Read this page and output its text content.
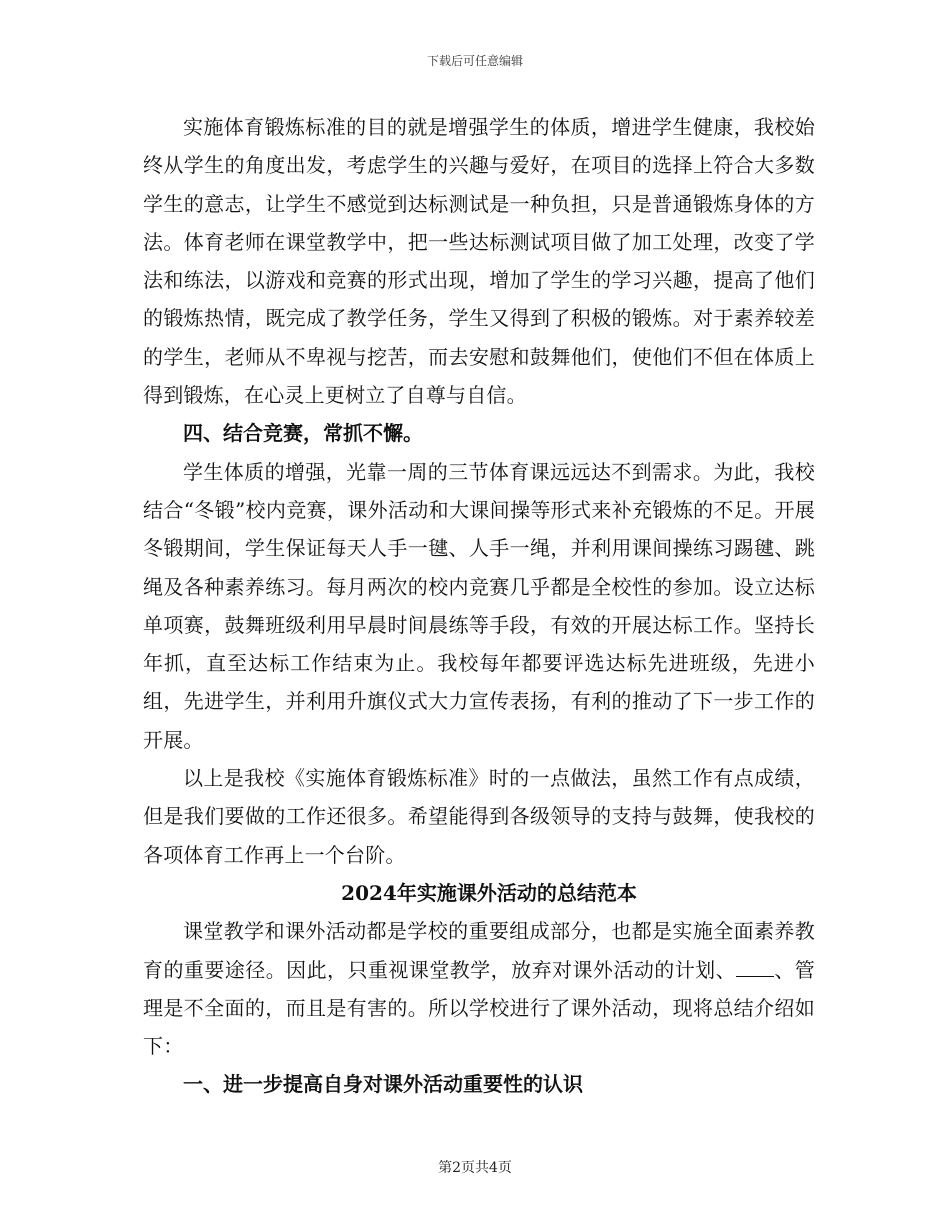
下载后可任意编辑

实施体育锻炼标准的目的就是增强学生的体质，增进学生健康，我校始终从学生的角度出发，考虑学生的兴趣与爱好，在项目的选择上符合大多数学生的意志，让学生不感觉到达标测试是一种负担，只是普通锻炼身体的方法。体育老师在课堂教学中，把一些达标测试项目做了加工处理，改变了学法和练法，以游戏和竞赛的形式出现，增加了学生的学习兴趣，提高了他们的锻炼热情，既完成了教学任务，学生又得到了积极的锻炼。对于素养较差的学生，老师从不卑视与挖苦，而去安慰和鼓舞他们，使他们不但在体质上得到锻炼，在心灵上更树立了自尊与自信。

四、结合竞赛，常抓不懈。

学生体质的增强，光靠一周的三节体育课远远达不到需求。为此，我校结合“冬锻”校内竞赛，课外活动和大课间操等形式来补充锻炼的不足。开展冬锻期间，学生保证每天人手一毽、人手一绳，并利用课间操练习踢毽、跳绳及各种素养练习。每月两次的校内竞赛几乎都是全校性的参加。设立达标单项赛，鼓舞班级利用早晨时间晨练等手段，有效的开展达标工作。坚持长年抓，直至达标工作结束为止。我校每年都要评选达标先进班级，先进小组，先进学生，并利用升旗仪式大力宣传表扬，有利的推动了下一步工作的开展。

以上是我校《实施体育锻炼标准》时的一点做法，虽然工作有点成绩，但是我们要做的工作还很多。希望能得到各级领导的支持与鼓舞，使我校的各项体育工作再上一个台阶。

2024年实施课外活动的总结范本

课堂教学和课外活动都是学校的重要组成部分，也都是实施全面素养教育的重要途径。因此，只重视课堂教学，放弃对课外活动的计划、 、管理是不全面的，而且是有害的。所以学校进行了课外活动，现将总结介绍如下：

一、进一步提高自身对课外活动重要性的认识

第2页共4页
